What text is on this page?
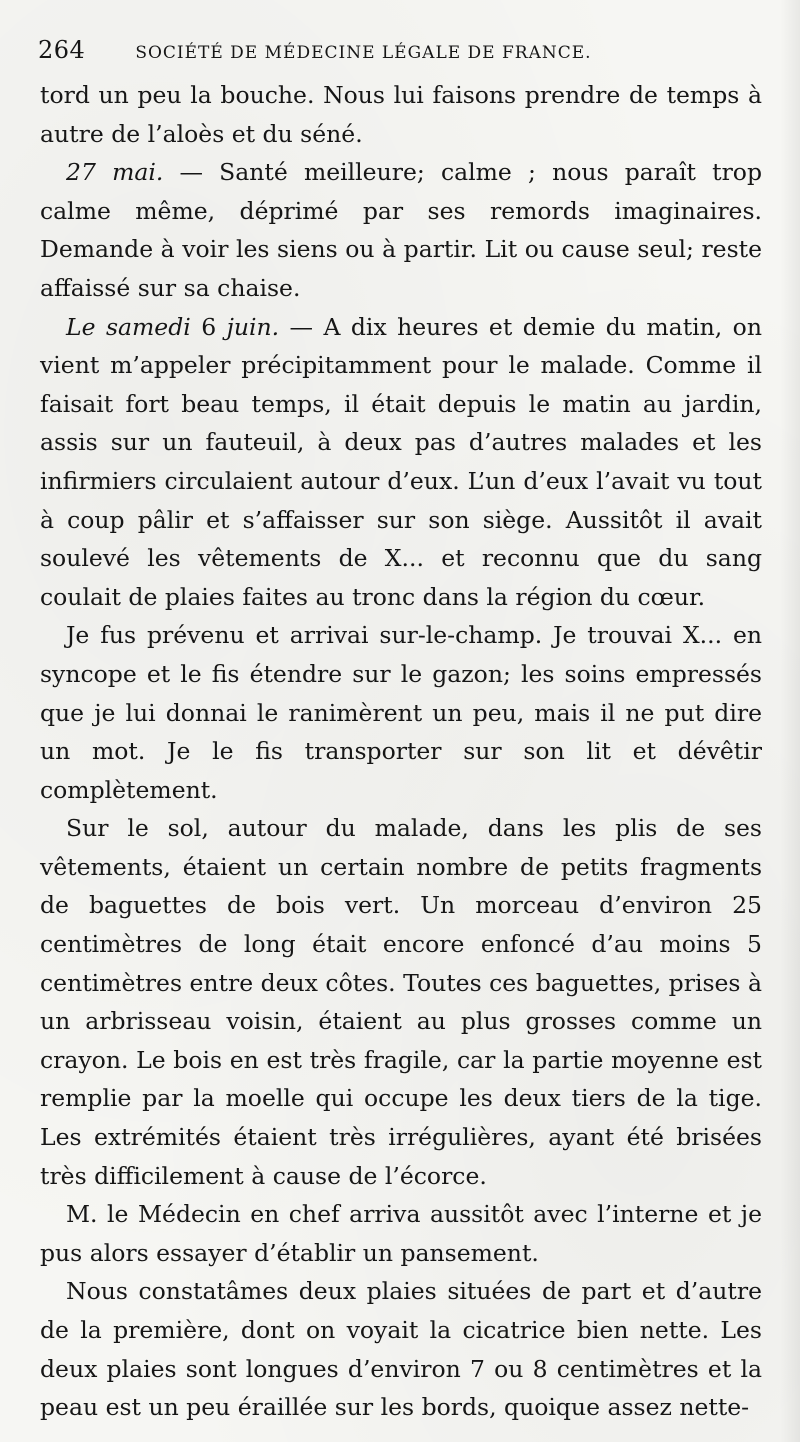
264	SOCIÉTÉ DE MÉDECINE LÉGALE DE FRANCE.

tord un peu la bouche. Nous lui faisons prendre de temps à autre de l’aloès et du séné.

27 mai. — Santé meilleure; calme ; nous paraît trop calme même, déprimé par ses remords imaginaires. Demande à voir les siens ou à partir. Lit ou cause seul; reste affaissé sur sa chaise.

Le samedi 6 juin. — A dix heures et demie du matin, on vient m’appeler précipitamment pour le malade. Comme il faisait fort beau temps, il était depuis le matin au jardin, assis sur un fauteuil, à deux pas d’autres malades et les infirmiers circulaient autour d’eux. L’un d’eux l’avait vu tout à coup pâlir et s’affaisser sur son siège. Aussitôt il avait soulevé les vêtements de X... et reconnu que du sang coulait de plaies faites au tronc dans la région du cœur.

Je fus prévenu et arrivai sur-le-champ. Je trouvai X... en syncope et le fis étendre sur le gazon; les soins empressés que je lui donnai le ranimèrent un peu, mais il ne put dire un mot. Je le fis transporter sur son lit et dévêtir complètement.

Sur le sol, autour du malade, dans les plis de ses vêtements, étaient un certain nombre de petits fragments de baguettes de bois vert. Un morceau d’environ 25 centimètres de long était encore enfoncé d’au moins 5 centimètres entre deux côtes. Toutes ces baguettes, prises à un arbrisseau voisin, étaient au plus grosses comme un crayon. Le bois en est très fragile, car la partie moyenne est remplie par la moelle qui occupe les deux tiers de la tige. Les extrémités étaient très irrégulières, ayant été brisées très difficilement à cause de l’écorce.

M. le Médecin en chef arriva aussitôt avec l’interne et je pus alors essayer d’établir un pansement.

Nous constatâmes deux plaies situées de part et d’autre de la première, dont on voyait la cicatrice bien nette. Les deux plaies sont longues d’environ 7 ou 8 centimètres et la peau est un peu éraillée sur les bords, quoique assez nette-
